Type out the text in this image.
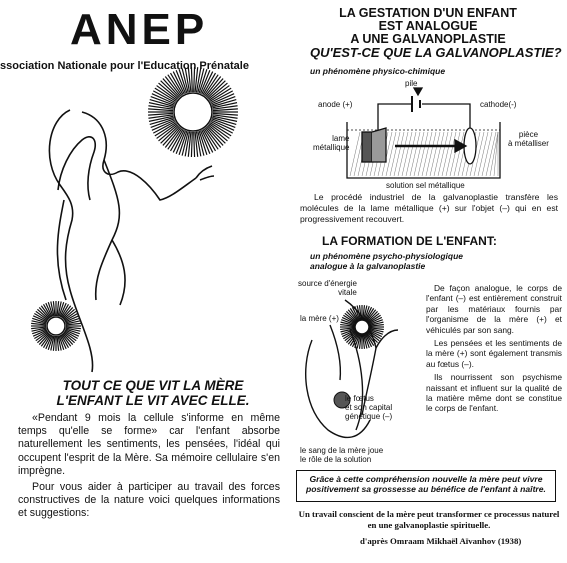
ANEP
ssociation Nationale pour l'Education Prénatale
TOUT CE QUE VIT LA MÈRE
L'ENFANT LE VIT AVEC ELLE.

«Pendant 9 mois la cellule s'informe en même temps qu'elle se forme» car l'enfant absorbe naturellement les sentiments, les pensées, l'idéal qui occupent l'esprit de la Mère. Sa mémoire cellulaire s'en imprègne.

Pour vous aider à participer au travail des forces constructives de la nature voici quelques informations et suggestions:

LA GESTATION D'UN ENFANT
EST ANALOGUE
A UNE GALVANOPLASTIE
QU'EST-CE QUE LA GALVANOPLASTIE?
un phénomène physico-chimique
pile
anode (+)	cathode(-)
lame
métallique
pièce
à métalliser
solution sel métallique
Le procédé industriel de la galvanoplastie transfère les molécules de la lame métallique (+) sur l'objet (–) qui en est progressivement recouvert.
LA FORMATION DE L'ENFANT:
un phénomène psycho-physiologique
analogue à la galvanoplastie
source d'énergie
vitale
la mère (+)
le fœtus
et son capital
génétique (–)
le sang de la mère joue
le rôle de la solution

De façon analogue, le corps de l'enfant (–) est entièrement construit par les matériaux fournis par l'organisme de la mère (+) et véhiculés par son sang.

Les pensées et les sentiments de la mère (+) sont également transmis au fœtus (–).

Ils nourrissent son psychisme naissant et influent sur la qualité de la matière même dont se constitue le corps de l'enfant.

Grâce à cette compréhension nouvelle la mère peut vivre positivement sa grossesse au bénéfice de l'enfant à naître.
Un travail conscient de la mère peut transformer ce processus naturel en une galvanoplastie spirituelle.
d'après Omraam Mikhaël Aïvanhov (1938)
